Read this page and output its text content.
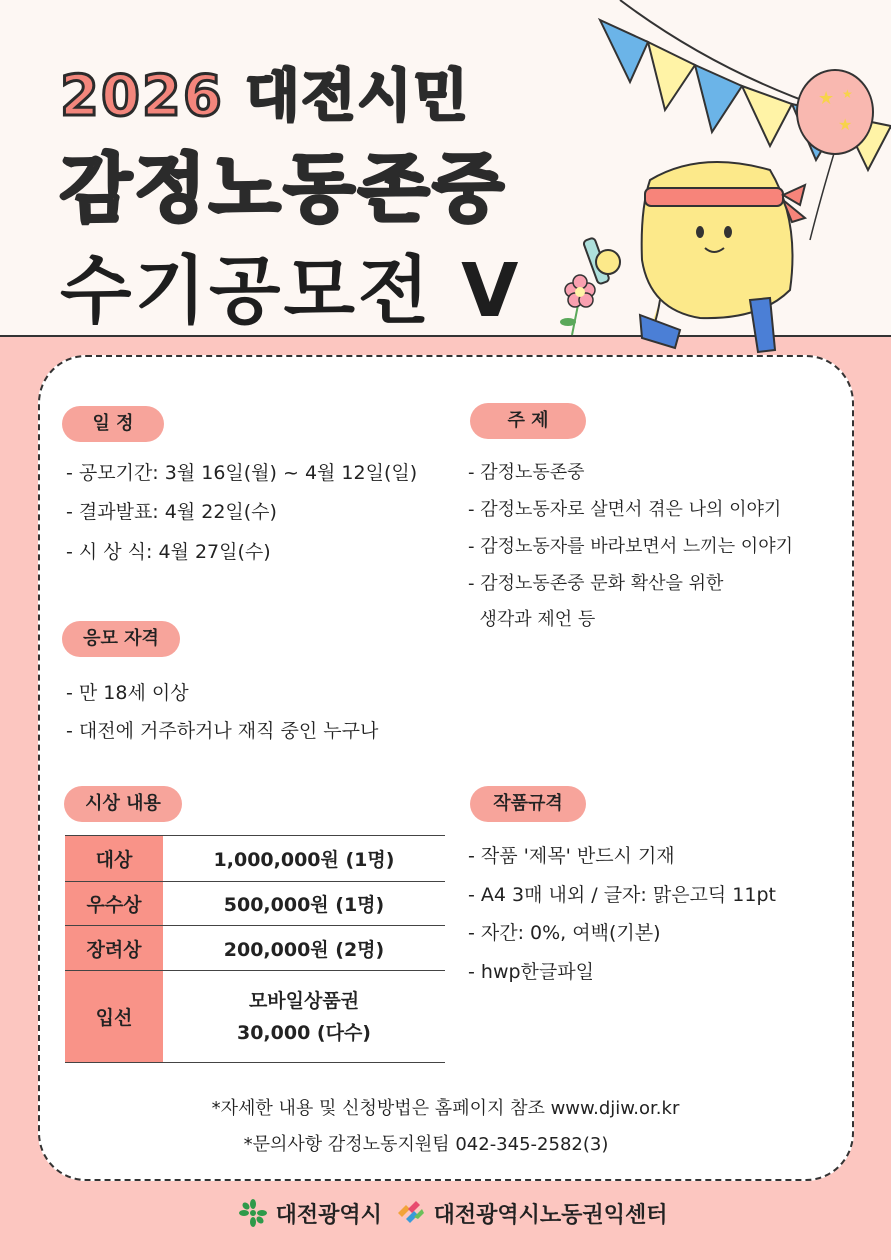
★
★
★
2026 대전시민
감정노동존중
수기공모전 V
일 정
- 공모기간: 3월 16일(월) ~ 4월 12일(일)
- 결과발표: 4월 22일(수)
- 시 상 식: 4월 27일(수)
주 제
- 감정노동존중
- 감정노동자로 살면서 겪은 나의 이야기
- 감정노동자를 바라보면서 느끼는 이야기
- 감정노동존중 문화 확산을 위한
생각과 제언 등
응모 자격
- 만 18세 이상
- 대전에 거주하거나 재직 중인 누구나
시상 내용
대상	1,000,000원 (1명)
우수상	500,000원 (1명)
장려상	200,000원 (2명)
입선	모바일상품권
30,000 (다수)
작품규격
- 작품 '제목' 반드시 기재
- A4 3매 내외 / 글자: 맑은고딕 11pt
- 자간: 0%, 여백(기본)
- hwp한글파일
*자세한 내용 및 신청방법은 홈페이지 참조 www.djiw.or.kr
*문의사항 감정노동지원팀 042-345-2582(3)
대전광역시	대전광역시노동권익센터
